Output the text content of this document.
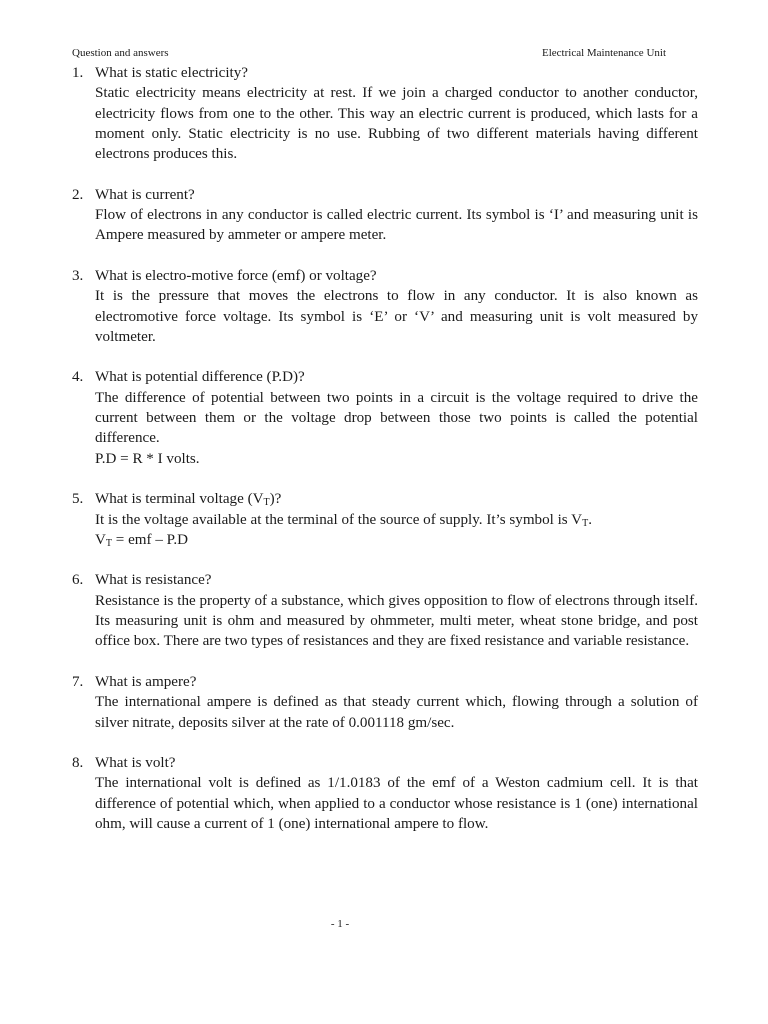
Question and answers	Electrical Maintenance Unit
1. What is static electricity?
Static electricity means electricity at rest. If we join a charged conductor to another conductor, electricity flows from one to the other. This way an electric current is produced, which lasts for a moment only. Static electricity is no use. Rubbing of two different materials having different electrons produces this.
2. What is current?
Flow of electrons in any conductor is called electric current. Its symbol is ‘I’ and measuring unit is Ampere measured by ammeter or ampere meter.
3. What is electro-motive force (emf) or voltage?
It is the pressure that moves the electrons to flow in any conductor. It is also known as electromotive force voltage. Its symbol is ‘E’ or ‘V’ and measuring unit is volt measured by voltmeter.
4. What is potential difference (P.D)?
The difference of potential between two points in a circuit is the voltage required to drive the current between them or the voltage drop between those two points is called the potential difference.
P.D = R * I volts.
5. What is terminal voltage $(V_T)$?
It is the voltage available at the terminal of the source of supply. It’s symbol is $V_T$.
$V_T$ = emf – P.D
6. What is resistance?
Resistance is the property of a substance, which gives opposition to flow of electrons through itself. Its measuring unit is ohm and measured by ohmmeter, multi meter, wheat stone bridge, and post office box. There are two types of resistances and they are fixed resistance and variable resistance.
7. What is ampere?
The international ampere is defined as that steady current which, flowing through a solution of silver nitrate, deposits silver at the rate of 0.001118 gm/sec.
8. What is volt?
The international volt is defined as 1/1.0183 of the emf of a Weston cadmium cell. It is that difference of potential which, when applied to a conductor whose resistance is 1 (one) international ohm, will cause a current of 1 (one) international ampere to flow.
- 1 -
